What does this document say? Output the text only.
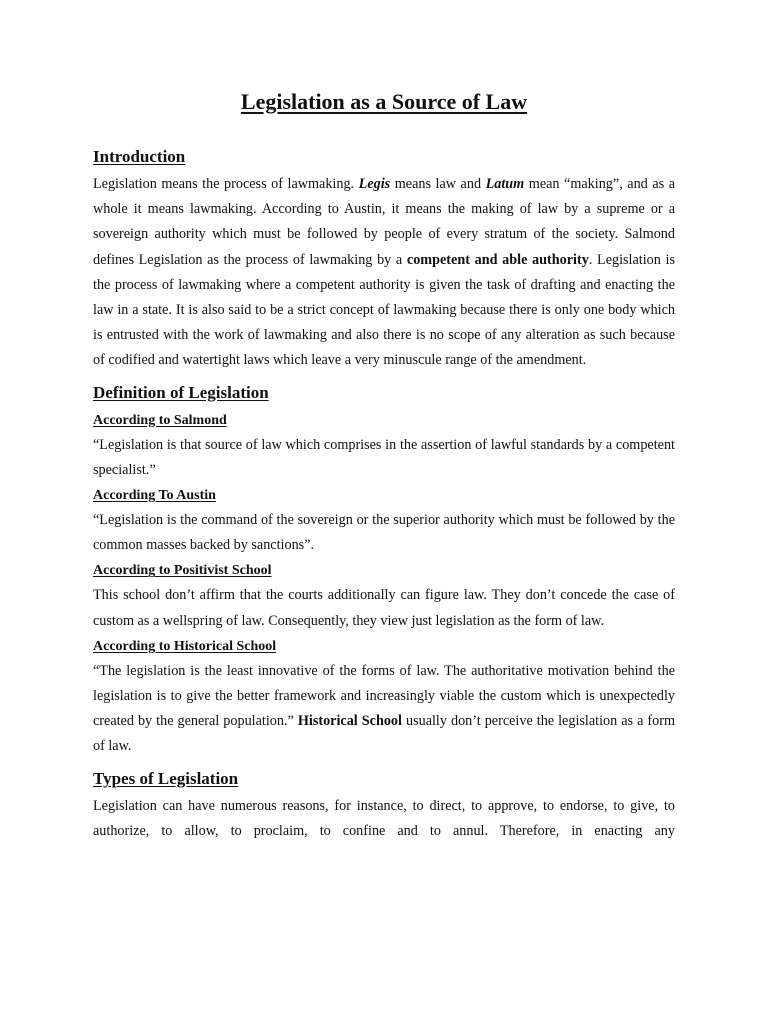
Legislation as a Source of Law
Introduction

Legislation means the process of lawmaking. Legis means law and Latum mean “making”, and as a whole it means lawmaking. According to Austin, it means the making of law by a supreme or a sovereign authority which must be followed by people of every stratum of the society. Salmond defines Legislation as the process of lawmaking by a competent and able authority. Legislation is the process of lawmaking where a competent authority is given the task of drafting and enacting the law in a state. It is also said to be a strict concept of lawmaking because there is only one body which is entrusted with the work of lawmaking and also there is no scope of any alteration as such because of codified and watertight laws which leave a very minuscule range of the amendment.

Definition of Legislation
According to Salmond

“Legislation is that source of law which comprises in the assertion of lawful standards by a competent specialist.”

According To Austin

“Legislation is the command of the sovereign or the superior authority which must be followed by the common masses backed by sanctions”.

According to Positivist School

This school don’t affirm that the courts additionally can figure law. They don’t concede the case of custom as a wellspring of law. Consequently, they view just legislation as the form of law.

According to Historical School

“The legislation is the least innovative of the forms of law. The authoritative motivation behind the legislation is to give the better framework and increasingly viable the custom which is unexpectedly created by the general population.” Historical School usually don’t perceive the legislation as a form of law.

Types of Legislation

Legislation can have numerous reasons, for instance, to direct, to approve, to endorse, to give, to authorize, to allow, to proclaim, to confine and to annul. Therefore, in enacting any
